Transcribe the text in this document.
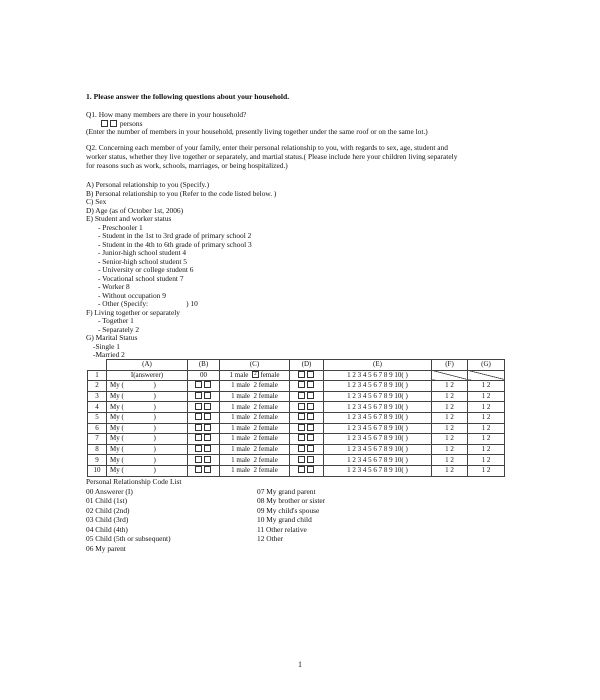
1. Please answer the following questions about your household.
Q1. How many members are there in your household?
persons
(Enter the number of members in your household, presently living together under the same roof or on the same lot.)
Q2. Concerning each member of your family, enter their personal relationship to you, with regards to sex, age, student and
worker status, whether they live together or separately, and martial status.( Please include here your children living separately
for reasons such as work, schools, marriages, or being hospitalized.)
A) Personal relationship to you (Specify.)
B) Personal relationship to you (Refer to the code listed below. )
C) Sex
D) Age (as of October 1st, 2006)
E) Student and worker status
- Preschooler 1
- Student in the 1st to 3rd grade of primary school 2
- Student in the 4th to 6th grade of primary school 3
- Junior-high school student 4
- Senior-high school student 5
- University or college student 6
- Vocational school student 7
- Worker 8
- Without occupation 9
- Other (Specify:	) 10
F) Living together or separately
- Together 1
- Separately 2
G) Marital Status
-Single 1
-Married 2
	(A)	(B)	(C)	(D)	(E)	(F)	(G)
1	I(answerer)	00	1 male 2 female		1 2 3 4 5 6 7 8 9 10( )		
2	My ( )		1 male 2 female		1 2 3 4 5 6 7 8 9 10( )	1 2	1 2
3	My ( )		1 male 2 female		1 2 3 4 5 6 7 8 9 10( )	1 2	1 2
4	My ( )		1 male 2 female		1 2 3 4 5 6 7 8 9 10( )	1 2	1 2
5	My ( )		1 male 2 female		1 2 3 4 5 6 7 8 9 10( )	1 2	1 2
6	My ( )		1 male 2 female		1 2 3 4 5 6 7 8 9 10( )	1 2	1 2
7	My ( )		1 male 2 female		1 2 3 4 5 6 7 8 9 10( )	1 2	1 2
8	My ( )		1 male 2 female		1 2 3 4 5 6 7 8 9 10( )	1 2	1 2
9	My ( )		1 male 2 female		1 2 3 4 5 6 7 8 9 10( )	1 2	1 2
10	My ( )		1 male 2 female		1 2 3 4 5 6 7 8 9 10( )	1 2	1 2
Personal Relationship Code List
00 Answerer (I)
01 Child (1st)
02 Child (2nd)
03 Child (3rd)
04 Child (4th)
05 Child (5th or subsequent)
06 My parent
07 My grand parent
08 My brother or sister
09 My child's spouse
10 My grand child
11 Other relative
12 Other
1
